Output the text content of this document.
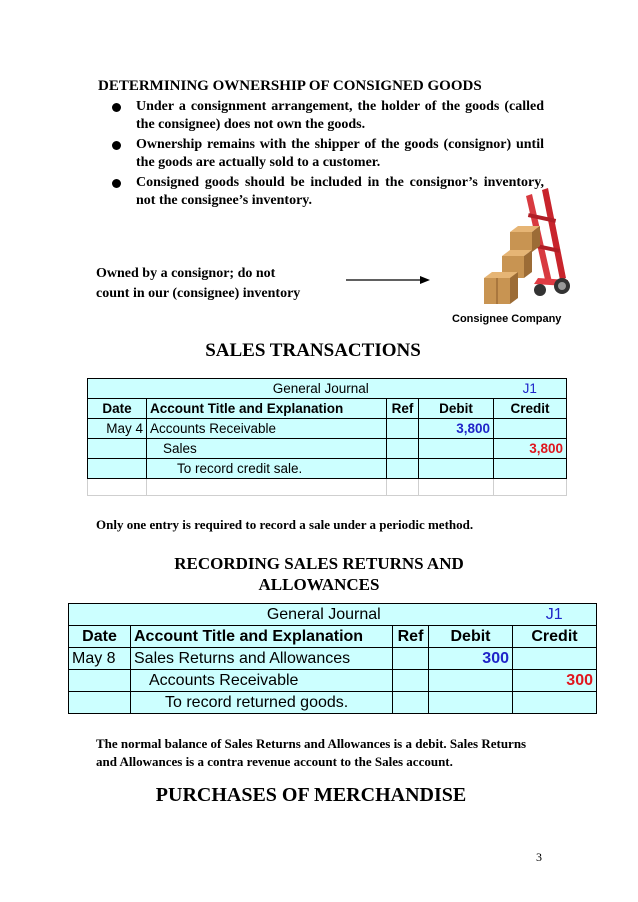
DETERMINING OWNERSHIP OF CONSIGNED GOODS
Under a consignment arrangement, the holder of the goods (called the consignee) does not own the goods.
Ownership remains with the shipper of the goods (consignor) until the goods are actually sold to a customer.
Consigned goods should be included in the consignor’s inventory, not the consignee’s inventory.
Owned by a consignor; do not
count in our (consignee) inventory
Consignee Company
SALES TRANSACTIONS
General Journal				J1
Date	Account Title and Explanation	Ref	Debit	Credit
May 4	Accounts Receivable		3,800	
	Sales			3,800
	To record credit sale.			

Only one entry is required to record a sale under a periodic method.
RECORDING SALES RETURNS AND
ALLOWANCES
General Journal				J1
Date	Account Title and Explanation	Ref	Debit	Credit
May 8	Sales Returns and Allowances		300	
	Accounts Receivable			300
	To record returned goods.			
The normal balance of Sales Returns and Allowances is a debit. Sales Returns and Allowances is a contra revenue account to the Sales account.
PURCHASES OF MERCHANDISE
3
